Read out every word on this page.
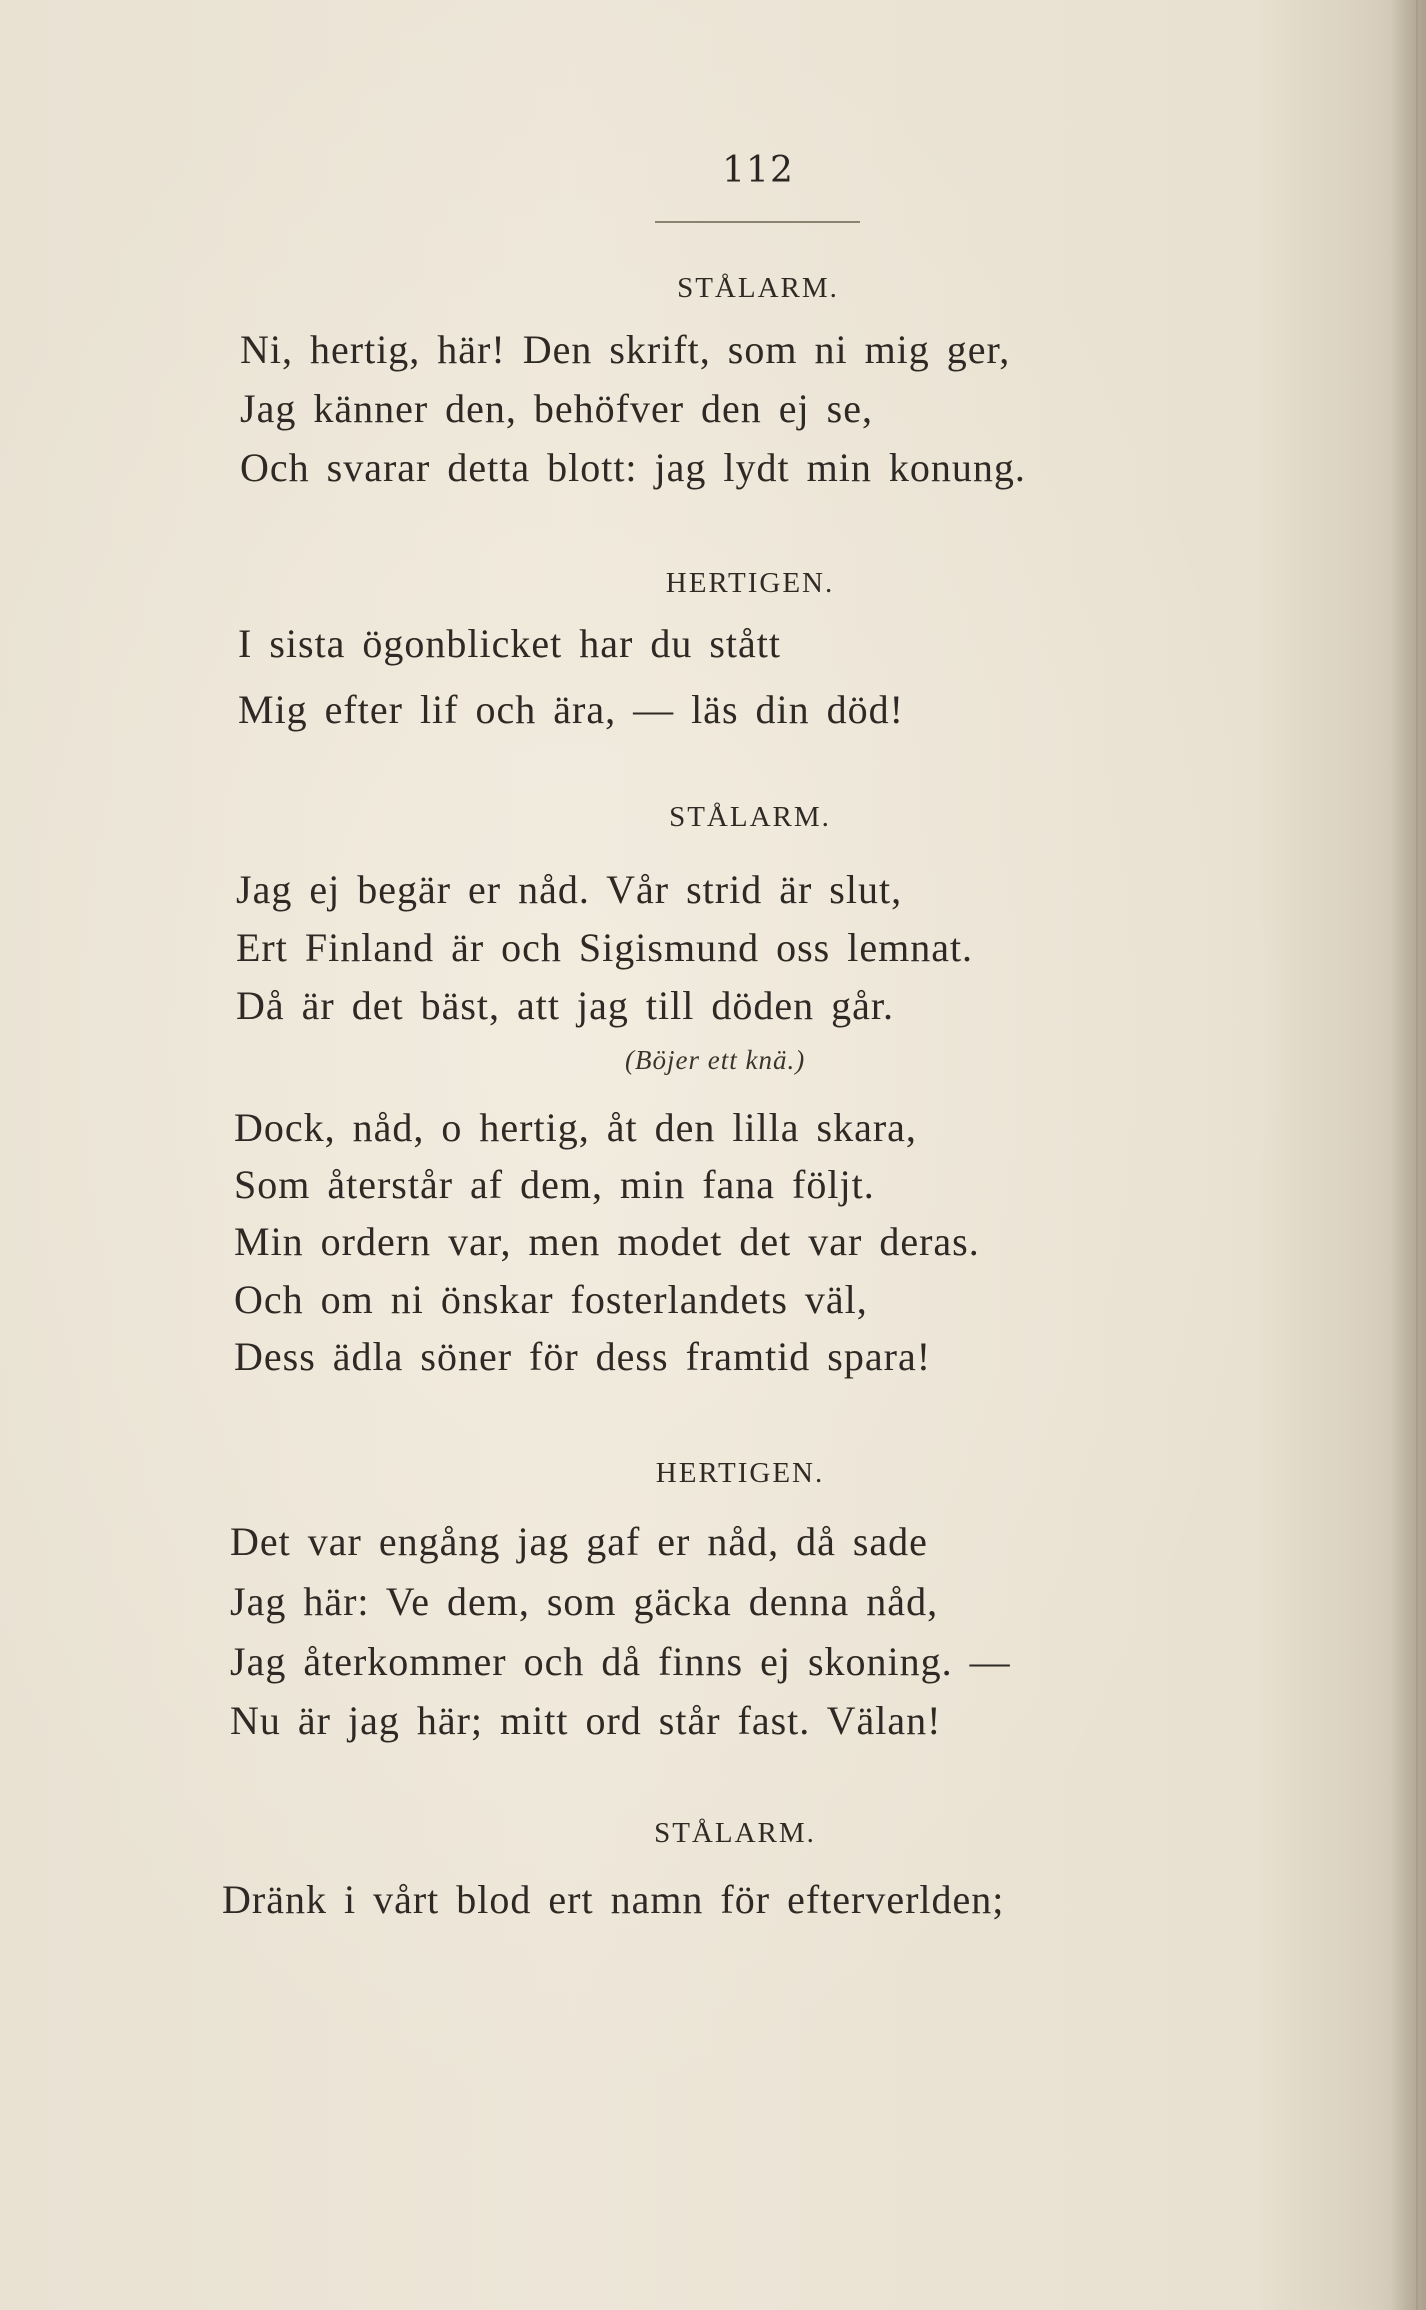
112
STÅLARM.
Ni, hertig, här! Den skrift, som ni mig ger,
Jag känner den, behöfver den ej se,
Och svarar detta blott: jag lydt min konung.
HERTIGEN.
I sista ögonblicket har du stått
Mig efter lif och ära, — läs din död!
STÅLARM.
Jag ej begär er nåd. Vår strid är slut,
Ert Finland är och Sigismund oss lemnat.
Då är det bäst, att jag till döden går.
(Böjer ett knä.)
Dock, nåd, o hertig, åt den lilla skara,
Som återstår af dem, min fana följt.
Min ordern var, men modet det var deras.
Och om ni önskar fosterlandets väl,
Dess ädla söner för dess framtid spara!
HERTIGEN.
Det var engång jag gaf er nåd, då sade
Jag här: Ve dem, som gäcka denna nåd,
Jag återkommer och då finns ej skoning. —
Nu är jag här; mitt ord står fast. Välan!
STÅLARM.
Dränk i vårt blod ert namn för efterverlden;
